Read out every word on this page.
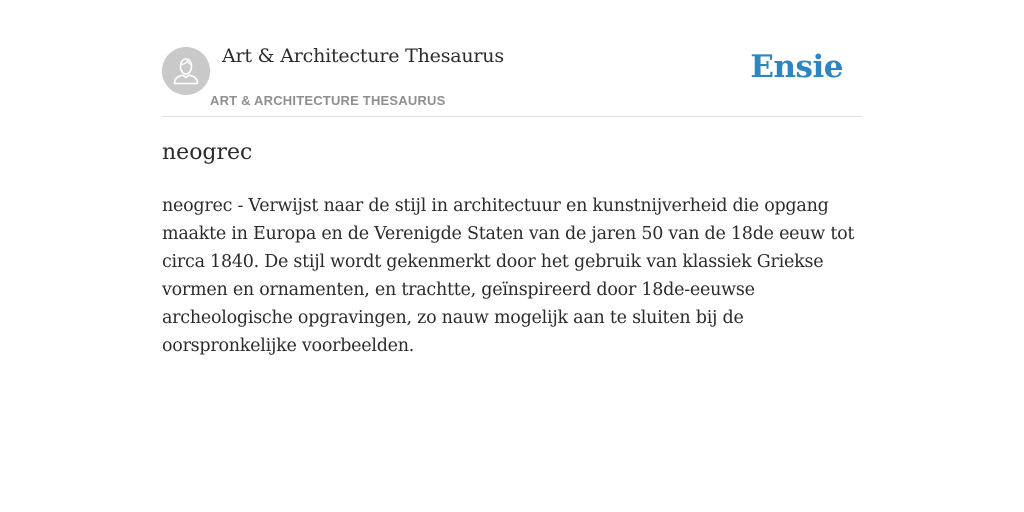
Art & Architecture Thesaurus
ART & ARCHITECTURE THESAURUS
Ensie
neogrec

neogrec - Verwijst naar de stijl in architectuur en kunstnijverheid die opgang maakte in Europa en de Verenigde Staten van de jaren 50 van de 18de eeuw tot circa 1840. De stijl wordt gekenmerkt door het gebruik van klassiek Griekse vormen en ornamenten, en trachtte, geïnspireerd door 18de-eeuwse archeologische opgravingen, zo nauw mogelijk aan te sluiten bij de oorspronkelijke voorbeelden.
